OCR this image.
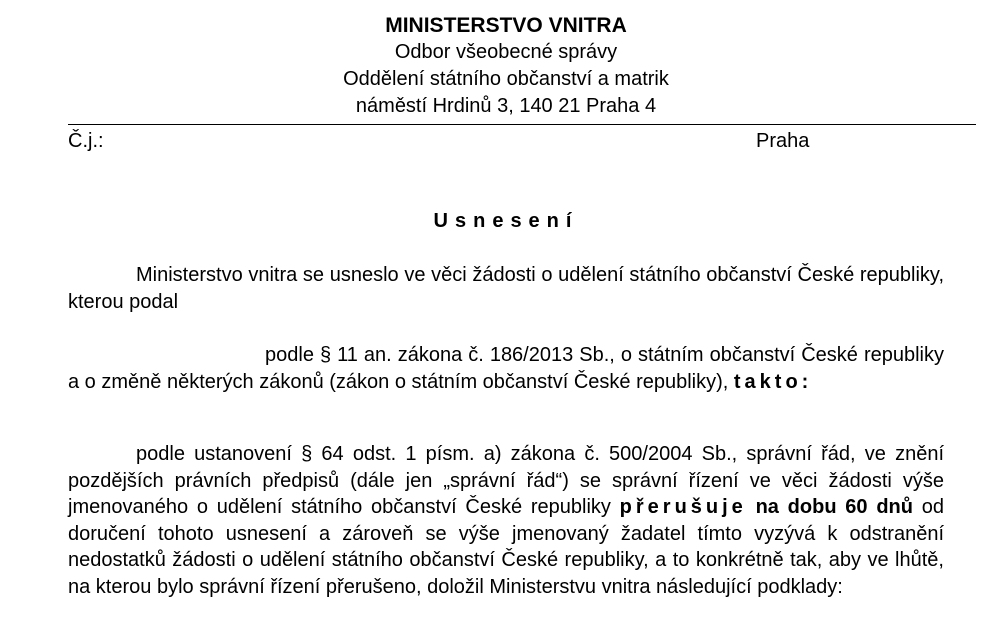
MINISTERSTVO VNITRA
Odbor všeobecné správy
Oddělení státního občanství a matrik
náměstí Hrdinů 3, 140 21 Praha 4
Č.j.:	Praha
Usnesení
Ministerstvo vnitra se usneslo ve věci žádosti o udělení státního občanství České republiky, kterou podal
podle § 11 an. zákona č. 186/2013 Sb., o státním občanství České republiky a o změně některých zákonů (zákon o státním občanství České republiky), takto:
podle ustanovení § 64 odst. 1 písm. a) zákona č. 500/2004 Sb., správní řád, ve znění pozdějších právních předpisů (dále jen „správní řád“) se správní řízení ve věci žádosti výše jmenovaného o udělení státního občanství České republiky přerušuje na dobu 60 dnů od doručení tohoto usnesení a zároveň se výše jmenovaný žadatel tímto vyzývá k odstranění nedostatků žádosti o udělení státního občanství České republiky, a to konkrétně tak, aby ve lhůtě, na kterou bylo správní řízení přerušeno, doložil Ministerstvu vnitra následující podklady:
